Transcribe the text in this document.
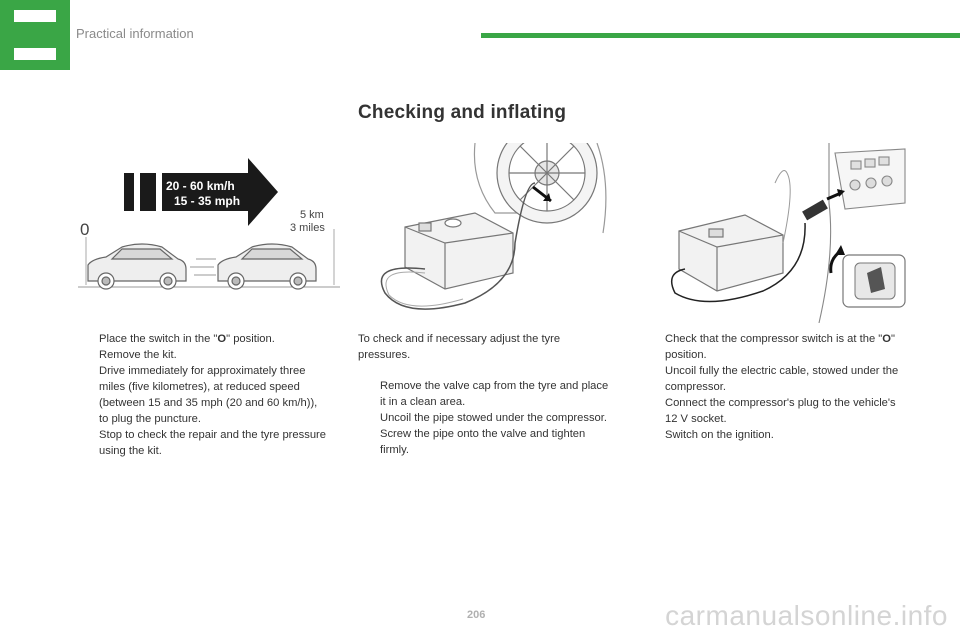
Practical information
Checking and inflating
20 - 60 km/h
15 - 35 mph
0
5 km
3 miles

Place the switch in the "O" position.

Remove the kit.

Drive immediately for approximately three miles (five kilometres), at reduced speed (between 15 and 35 mph (20 and 60 km/h)), to plug the puncture.

Stop to check the repair and the tyre pressure using the kit.

To check and if necessary adjust the tyre pressures.

Remove the valve cap from the tyre and place it in a clean area.

Uncoil the pipe stowed under the compressor.

Screw the pipe onto the valve and tighten firmly.

Check that the compressor switch is at the "O" position.

Uncoil fully the electric cable, stowed under the compressor.

Connect the compressor's plug to the vehicle's 12 V socket.

Switch on the ignition.

206	carmanualsonline.info
